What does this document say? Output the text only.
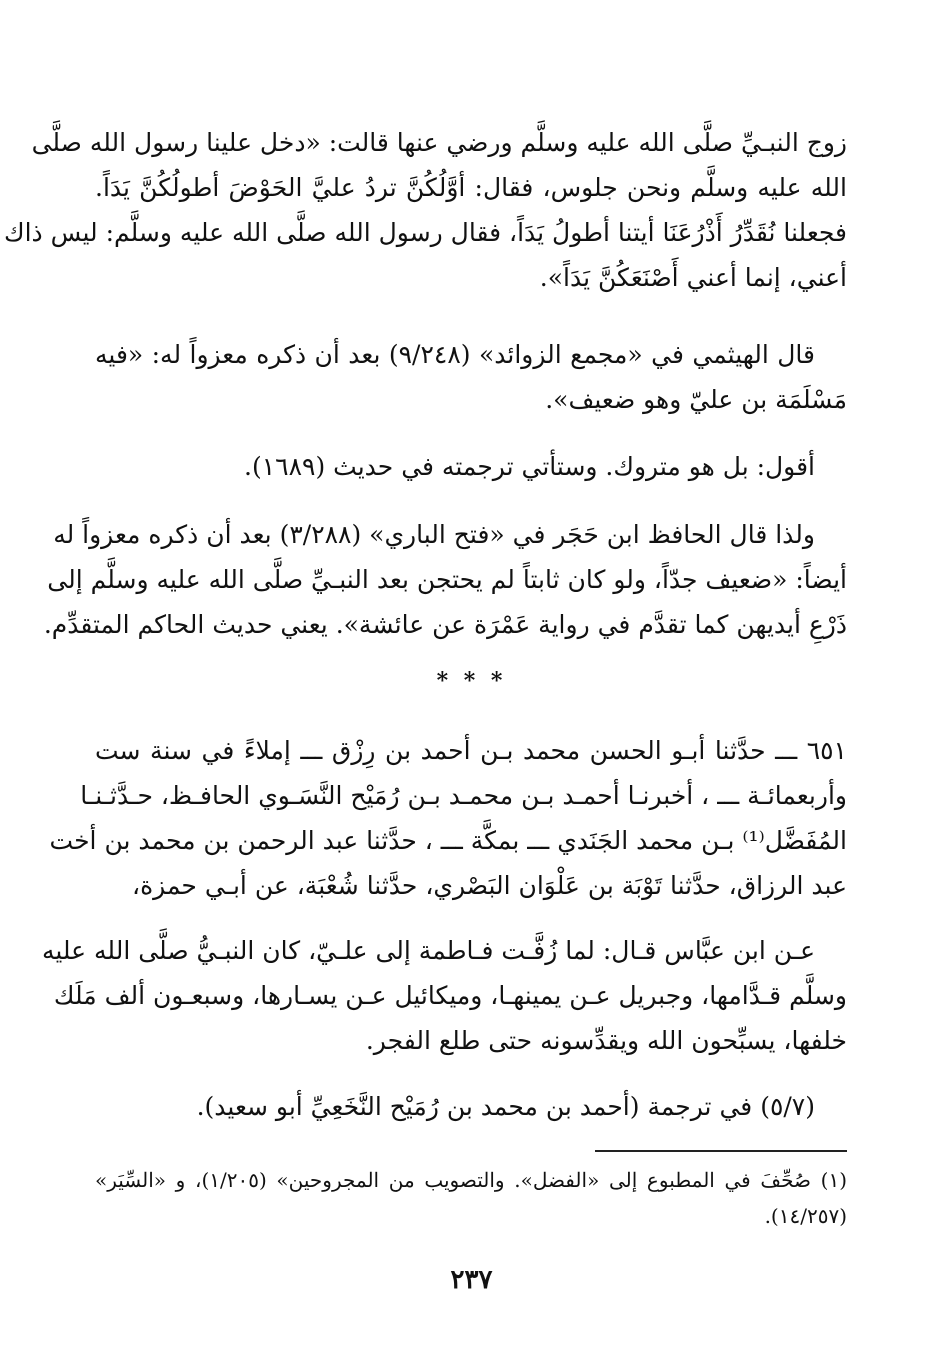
زوج النبـيِّ صلَّى الله عليه وسلَّم ورضي عنها قالت: «دخل علينا رسول الله صلَّى
الله عليه وسلَّم ونحن جلوس، فقال: أوَّلُكُنَّ تردُ عليَّ الحَوْضَ أطولُكُنَّ يَدَاً.
فجعلنا نُقَدِّرُ أَذْرُعَنَا أيتنا أطولُ يَدَاً، فقال رسول الله صلَّى الله عليه وسلَّم: ليس ذاك
أعني، إنما أعني أَصْنَعَكُنَّ يَدَاً».
قال الهيثمي في «مجمع الزوائد» (٩/٢٤٨) بعد أن ذكره معزواً له: «فيه
مَسْلَمَة بن عليّ وهو ضعيف».
أقول: بل هو متروك. وستأتي ترجمته في حديث (١٦٨٩).
ولذا قال الحافظ ابن حَجَر في «فتح الباري» (٣/٢٨٨) بعد أن ذكره معزواً له
أيضاً: «ضعيف جدّاً، ولو كان ثابتاً لم يحتجن بعد النبـيِّ صلَّى الله عليه وسلَّم إلى
ذَرْعِ أيديهن كما تقدَّم في رواية عَمْرَة عن عائشة». يعني حديث الحاكم المتقدِّم.
* * *
٦٥١ ـــ حدَّثنا أبـو الحسن محمد بـن أحمد بن رِزْق ـــ إملاءً في سنة ست
وأربعمائـة ـــ ، أخبرنـا أحمـد بـن محمـد بـن رُمَيْح النَّسَـوي الحافـظ، حـدَّثـنـا
المُفَضَّل⁽¹⁾ بـن محمد الجَنَدي ـــ بمكَّة ـــ ، حدَّثنا عبد الرحمن بن محمد بن أخت
عبد الرزاق، حدَّثنا تَوْبَة بن عَلْوَان البَصْري، حدَّثنا شُعْبَة، عن أبـي حمزة،
عـن ابن عبَّاس قـال: لما زُفَّـت فـاطمة إلى علـيّ، كان النبـيُّ صلَّى الله عليه
وسلَّم قـدَّامها، وجبريل عـن يمينهـا، وميكائيل عـن يسـارها، وسبعـون ألف مَلَك
خلفها، يسبِّحون الله ويقدِّسونه حتى طلع الفجر.
(٥/٧) في ترجمة (أحمد بن محمد بن رُمَيْح النَّخَعِيِّ أبو سعيد).
(١) صُحِّفَ في المطبوع إلى «الفضل». والتصويب من المجروحين» (١/٢٠٥)، و «السِّيَر»
(١٤/٢٥٧).
٢٣٧
